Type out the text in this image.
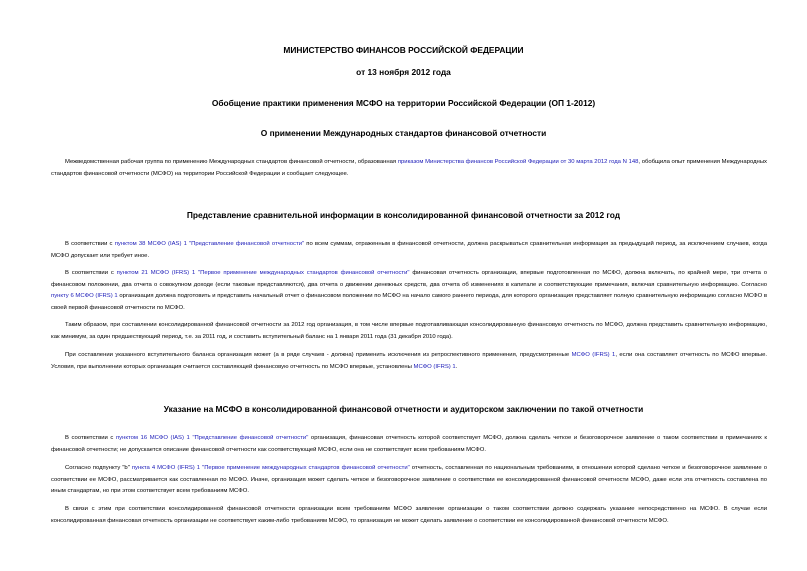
МИНИСТЕРСТВО ФИНАНСОВ РОССИЙСКОЙ ФЕДЕРАЦИИ
от 13 ноября 2012 года
Обобщение практики применения МСФО на территории Российской Федерации (ОП 1-2012)
О применении Международных стандартов финансовой отчетности
Межведомственная рабочая группа по применению Международных стандартов финансовой отчетности, образованная приказом Министерства финансов Российской Федерации от 30 марта 2012 года N 148, обобщила опыт применения Международных стандартов финансовой отчетности (МСФО) на территории Российской Федерации и сообщает следующее.
Представление сравнительной информации в консолидированной финансовой отчетности за 2012 год
В соответствии с пунктом 38 МСФО (IAS) 1 "Представление финансовой отчетности" по всем суммам, отраженным в финансовой отчетности, должна раскрываться сравнительная информация за предыдущий период, за исключением случаев, когда МСФО допускает или требует иное.
В соответствии с пунктом 21 МСФО (IFRS) 1 "Первое применение международных стандартов финансовой отчетности" финансовая отчетность организации, впервые подготовленная по МСФО, должна включать, по крайней мере, три отчета о финансовом положении, два отчета о совокупном доходе (если таковые представляются), два отчета о движении денежных средств, два отчета об изменениях в капитале и соответствующие примечания, включая сравнительную информацию. Согласно пункту 6 МСФО (IFRS) 1 организация должна подготовить и представить начальный отчет о финансовом положении по МСФО на начало самого раннего периода, для которого организация представляет полную сравнительную информацию согласно МСФО в своей первой финансовой отчетности по МСФО.
Таким образом, при составлении консолидированной финансовой отчетности за 2012 год организация, в том числе впервые подготавливающая консолидированную финансовую отчетность по МСФО, должна представить сравнительную информацию, как минимум, за один предшествующий период, т.е. за 2011 год, и составить вступительный баланс на 1 января 2011 года (31 декабря 2010 года).
При составлении указанного вступительного баланса организация может (а в ряде случаев - должна) применить исключения из ретроспективного применения, предусмотренные МСФО (IFRS) 1, если она составляет отчетность по МСФО впервые. Условия, при выполнении которых организация считается составляющей финансовую отчетность по МСФО впервые, установлены МСФО (IFRS) 1.
Указание на МСФО в консолидированной финансовой отчетности и аудиторском заключении по такой отчетности
В соответствии с пунктом 16 МСФО (IAS) 1 "Представление финансовой отчетности" организация, финансовая отчетность которой соответствует МСФО, должна сделать четкое и безоговорочное заявление о таком соответствии в примечаниях к финансовой отчетности; не допускается описание финансовой отчетности как соответствующей МСФО, если она не соответствует всем требованиям МСФО.
Согласно подпункту "b" пункта 4 МСФО (IFRS) 1 "Первое применение международных стандартов финансовой отчетности" отчетность, составленная по национальным требованиям, в отношении которой сделано четкое и безоговорочное заявление о соответствии ее МСФО, рассматривается как составленная по МСФО. Иначе, организация может сделать четкое и безоговорочное заявление о соответствии ее консолидированной финансовой отчетности МСФО, даже если эта отчетность составлена по иным стандартам, но при этом соответствует всем требованиям МСФО.
В связи с этим при соответствии консолидированной финансовой отчетности организации всем требованиям МСФО заявление организации о таком соответствии должно содержать указание непосредственно на МСФО. В случае если консолидированная финансовая отчетность организации не соответствует каким-либо требованиям МСФО, то организация не может сделать заявление о соответствии ее консолидированной финансовой отчетности МСФО.
